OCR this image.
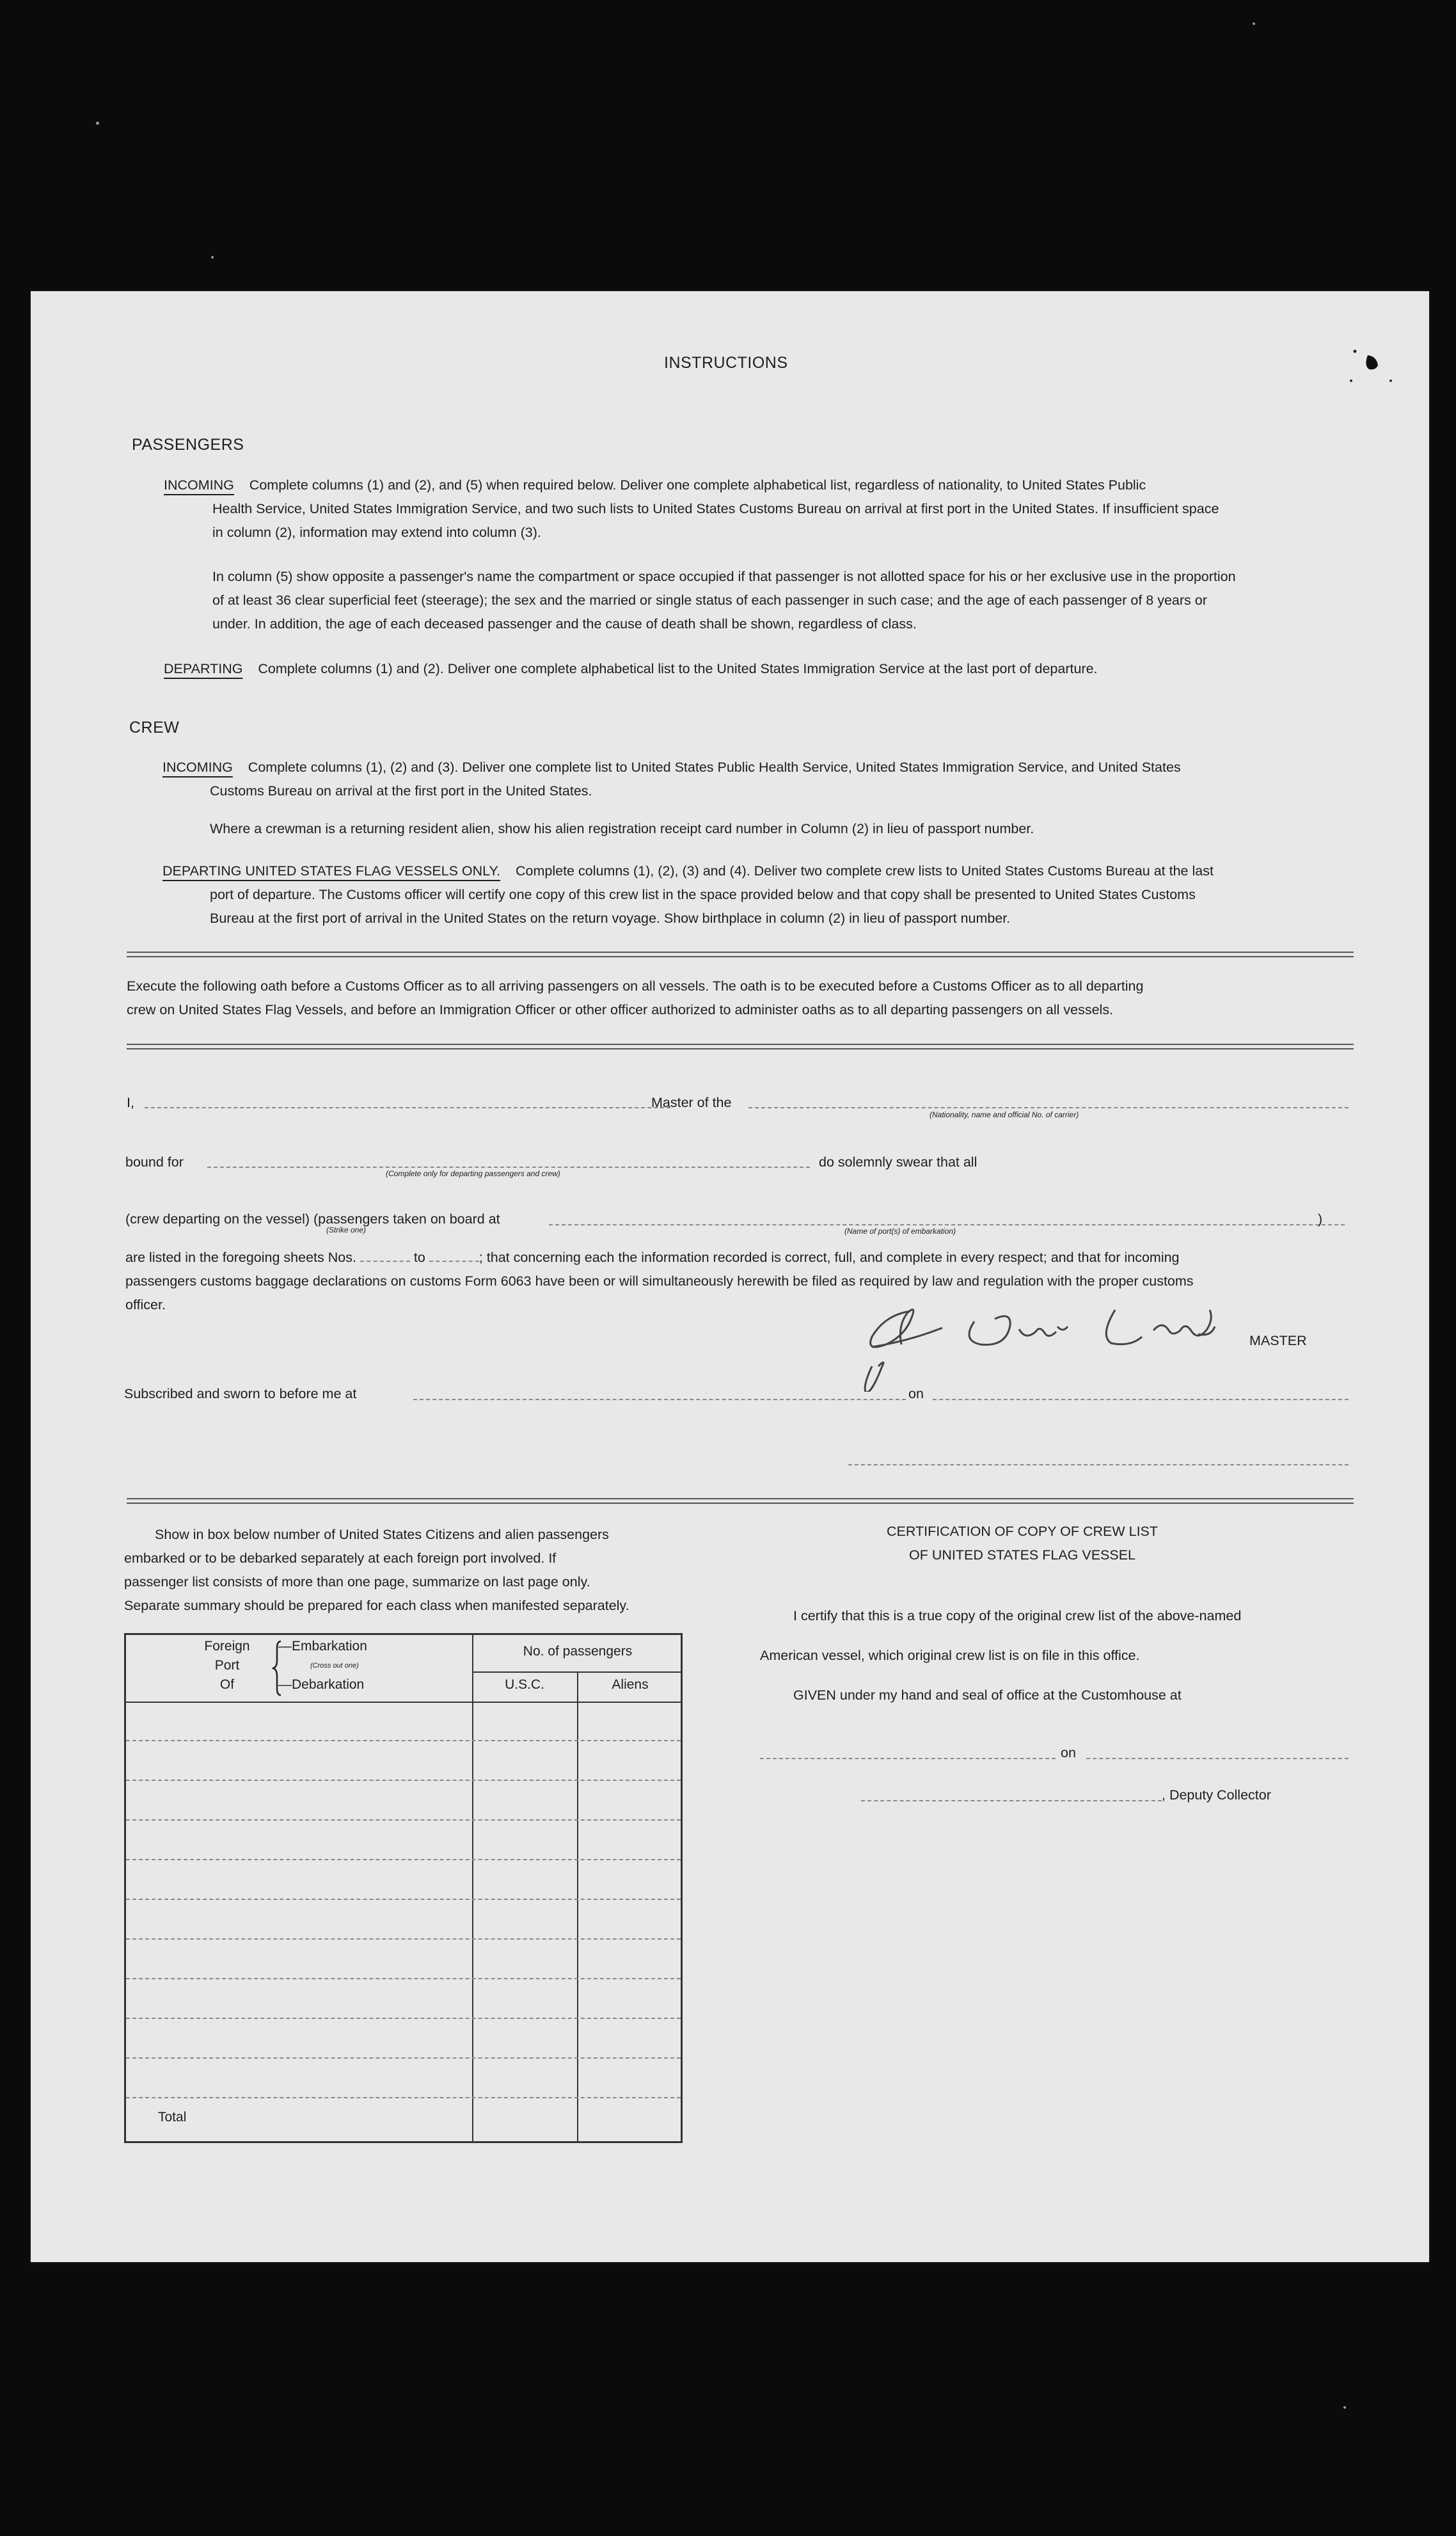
INSTRUCTIONS
PASSENGERS
INCOMING Complete columns (1) and (2), and (5) when required below. Deliver one complete alphabetical list, regardless of nationality, to United States Public
Health Service, United States Immigration Service, and two such lists to United States Customs Bureau on arrival at first port in the United States. If insufficient space
in column (2), information may extend into column (3).
In column (5) show opposite a passenger's name the compartment or space occupied if that passenger is not allotted space for his or her exclusive use in the proportion
of at least 36 clear superficial feet (steerage); the sex and the married or single status of each passenger in such case; and the age of each passenger of 8 years or
under. In addition, the age of each deceased passenger and the cause of death shall be shown, regardless of class.
DEPARTING Complete columns (1) and (2). Deliver one complete alphabetical list to the United States Immigration Service at the last port of departure.
CREW
INCOMING Complete columns (1), (2) and (3). Deliver one complete list to United States Public Health Service, United States Immigration Service, and United States
Customs Bureau on arrival at the first port in the United States.
Where a crewman is a returning resident alien, show his alien registration receipt card number in Column (2) in lieu of passport number.
DEPARTING UNITED STATES FLAG VESSELS ONLY. Complete columns (1), (2), (3) and (4). Deliver two complete crew lists to United States Customs Bureau at the last
port of departure. The Customs officer will certify one copy of this crew list in the space provided below and that copy shall be presented to United States Customs
Bureau at the first port of arrival in the United States on the return voyage. Show birthplace in column (2) in lieu of passport number.
Execute the following oath before a Customs Officer as to all arriving passengers on all vessels. The oath is to be executed before a Customs Officer as to all departing
crew on United States Flag Vessels, and before an Immigration Officer or other officer authorized to administer oaths as to all departing passengers on all vessels.
I,	Master of the
(Nationality, name and official No. of carrier)
bound for
(Complete only for departing passengers and crew)
do solemnly swear that all
(crew departing on the vessel) (passengers taken on board at	)
(Strike one)	(Name of port(s) of embarkation)
are listed in the foregoing sheets Nos.	to	; that concerning each the information recorded is correct, full, and complete in every respect; and that for incoming
passengers customs baggage declarations on customs Form 6063 have been or will simultaneously herewith be filed as required by law and regulation with the proper customs
officer.
MASTER
Subscribed and sworn to before me at	on
Show in box below number of United States Citizens and alien passengers
embarked or to be debarked separately at each foreign port involved. If
passenger list consists of more than one page, summarize on last page only.
Separate summary should be prepared for each class when manifested separately.
Foreign
Port
Of
—Embarkation
(Cross out one)
—Debarkation
No. of passengers
U.S.C.	Aliens
Total
CERTIFICATION OF COPY OF CREW LIST
OF UNITED STATES FLAG VESSEL
I certify that this is a true copy of the original crew list of the above-named
American vessel, which original crew list is on file in this office.
GIVEN under my hand and seal of office at the Customhouse at
on
, Deputy Collector
